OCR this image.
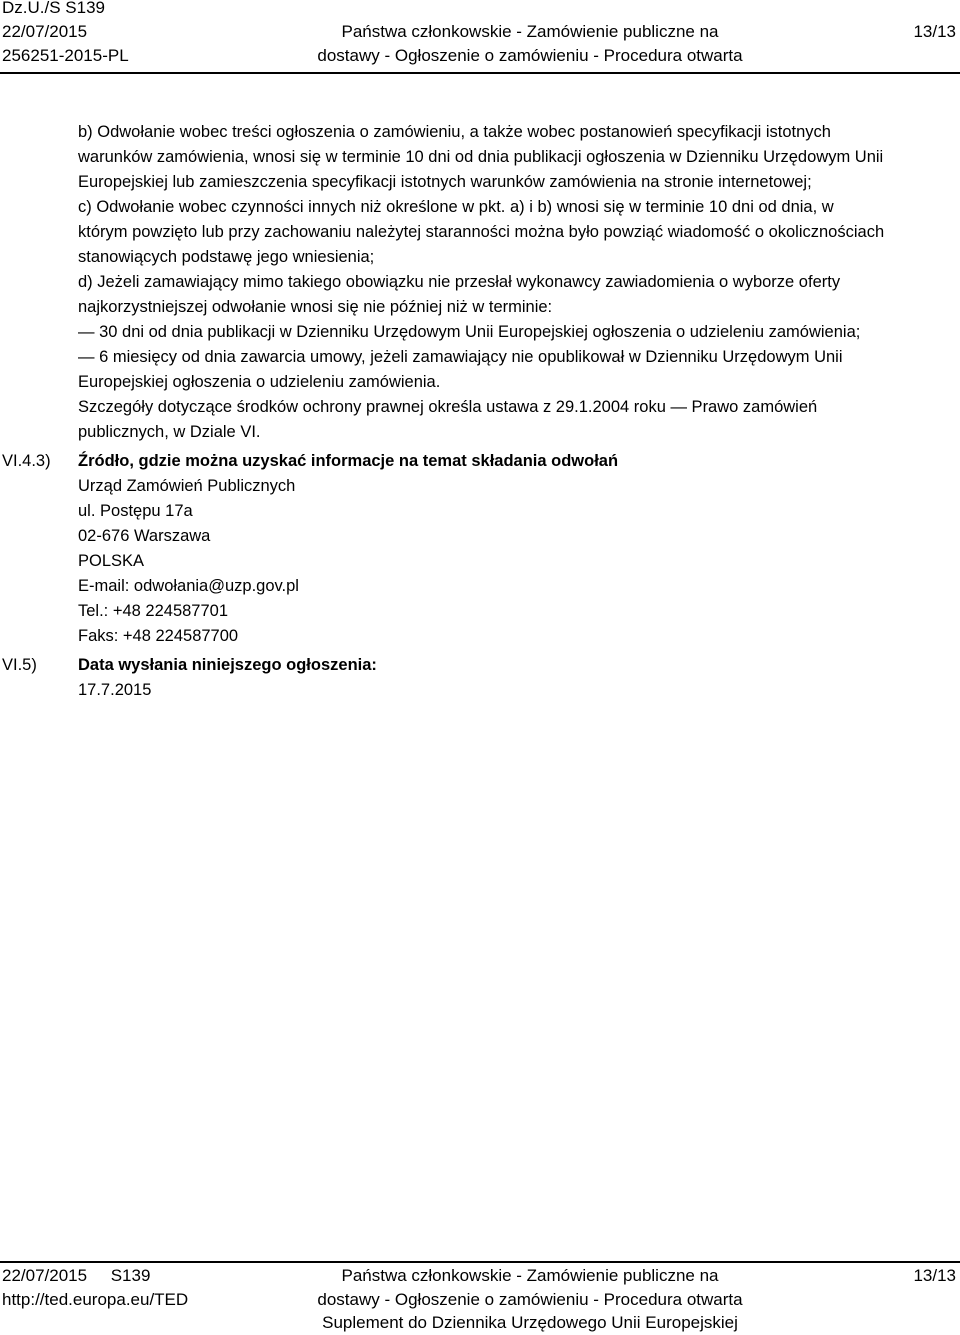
Dz.U./S S139
22/07/2015
256251-2015-PL
Państwa członkowskie - Zamówienie publiczne na
dostawy - Ogłoszenie o zamówieniu - Procedura otwarta
13/13
b) Odwołanie wobec treści ogłoszenia o zamówieniu, a także wobec postanowień specyfikacji istotnych
warunków zamówienia, wnosi się w terminie 10 dni od dnia publikacji ogłoszenia w Dzienniku Urzędowym Unii
Europejskiej lub zamieszczenia specyfikacji istotnych warunków zamówienia na stronie internetowej;
c) Odwołanie wobec czynności innych niż określone w pkt. a) i b) wnosi się w terminie 10 dni od dnia, w
którym powzięto lub przy zachowaniu należytej staranności można było powziąć wiadomość o okolicznościach
stanowiących podstawę jego wniesienia;
d) Jeżeli zamawiający mimo takiego obowiązku nie przesłał wykonawcy zawiadomienia o wyborze oferty
najkorzystniejszej odwołanie wnosi się nie później niż w terminie:
— 30 dni od dnia publikacji w Dzienniku Urzędowym Unii Europejskiej ogłoszenia o udzieleniu zamówienia;
— 6 miesięcy od dnia zawarcia umowy, jeżeli zamawiający nie opublikował w Dzienniku Urzędowym Unii
Europejskiej ogłoszenia o udzieleniu zamówienia.
Szczegóły dotyczące środków ochrony prawnej określa ustawa z 29.1.2004 roku — Prawo zamówień
publicznych, w Dziale VI.
VI.4.3) Źródło, gdzie można uzyskać informacje na temat składania odwołań
Urząd Zamówień Publicznych
ul. Postępu 17a
02-676 Warszawa
POLSKA
E-mail: odwołania@uzp.gov.pl
Tel.: +48 224587701
Faks: +48 224587700
VI.5) Data wysłania niniejszego ogłoszenia:
17.7.2015
22/07/2015     S139
http://ted.europa.eu/TED
Państwa członkowskie - Zamówienie publiczne na
dostawy - Ogłoszenie o zamówieniu - Procedura otwarta
Suplement do Dziennika Urzędowego Unii Europejskiej
13/13
